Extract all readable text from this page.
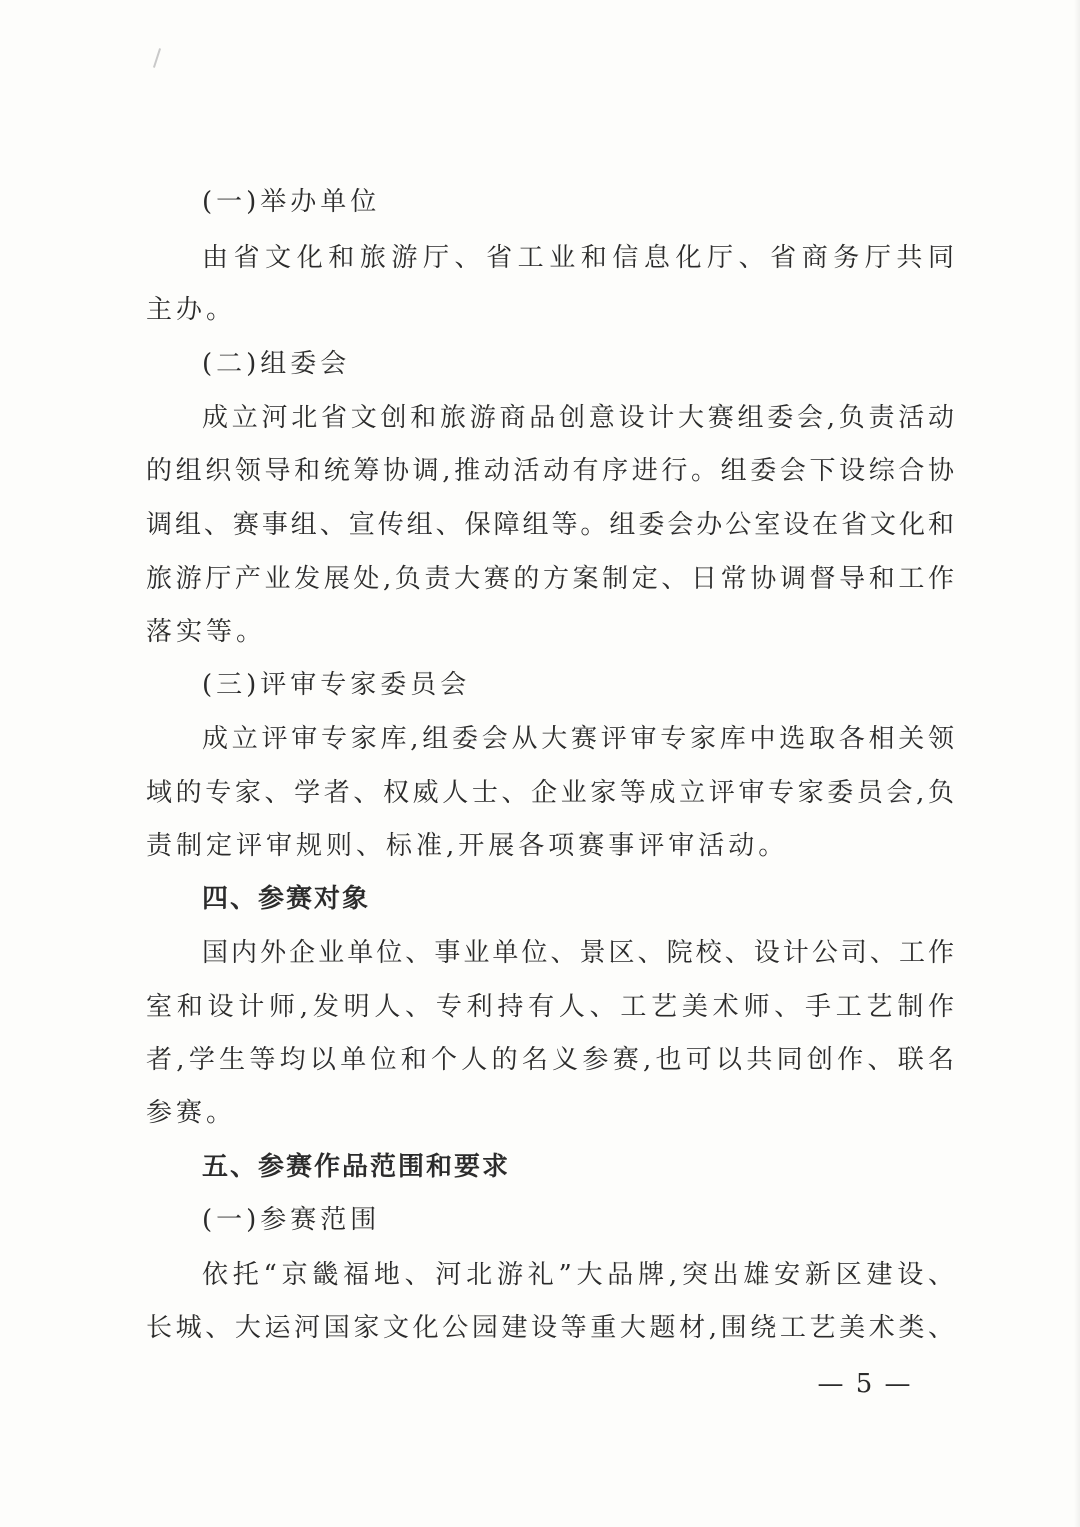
(一)举办单位
由省文化和旅游厅、省工业和信息化厅、省商务厅共同
主办。
(二)组委会
成立河北省文创和旅游商品创意设计大赛组委会,负责活动
的组织领导和统筹协调,推动活动有序进行。组委会下设综合协
调组、赛事组、宣传组、保障组等。组委会办公室设在省文化和
旅游厅产业发展处,负责大赛的方案制定、日常协调督导和工作
落实等。
(三)评审专家委员会
成立评审专家库,组委会从大赛评审专家库中选取各相关领
域的专家、学者、权威人士、企业家等成立评审专家委员会,负
责制定评审规则、标准,开展各项赛事评审活动。
四、参赛对象
国内外企业单位、事业单位、景区、院校、设计公司、工作
室和设计师,发明人、专利持有人、工艺美术师、手工艺制作
者,学生等均以单位和个人的名义参赛,也可以共同创作、联名
参赛。
五、参赛作品范围和要求
(一)参赛范围
依托“京畿福地、河北游礼”大品牌,突出雄安新区建设、
长城、大运河国家文化公园建设等重大题材,围绕工艺美术类、
— 5 —
